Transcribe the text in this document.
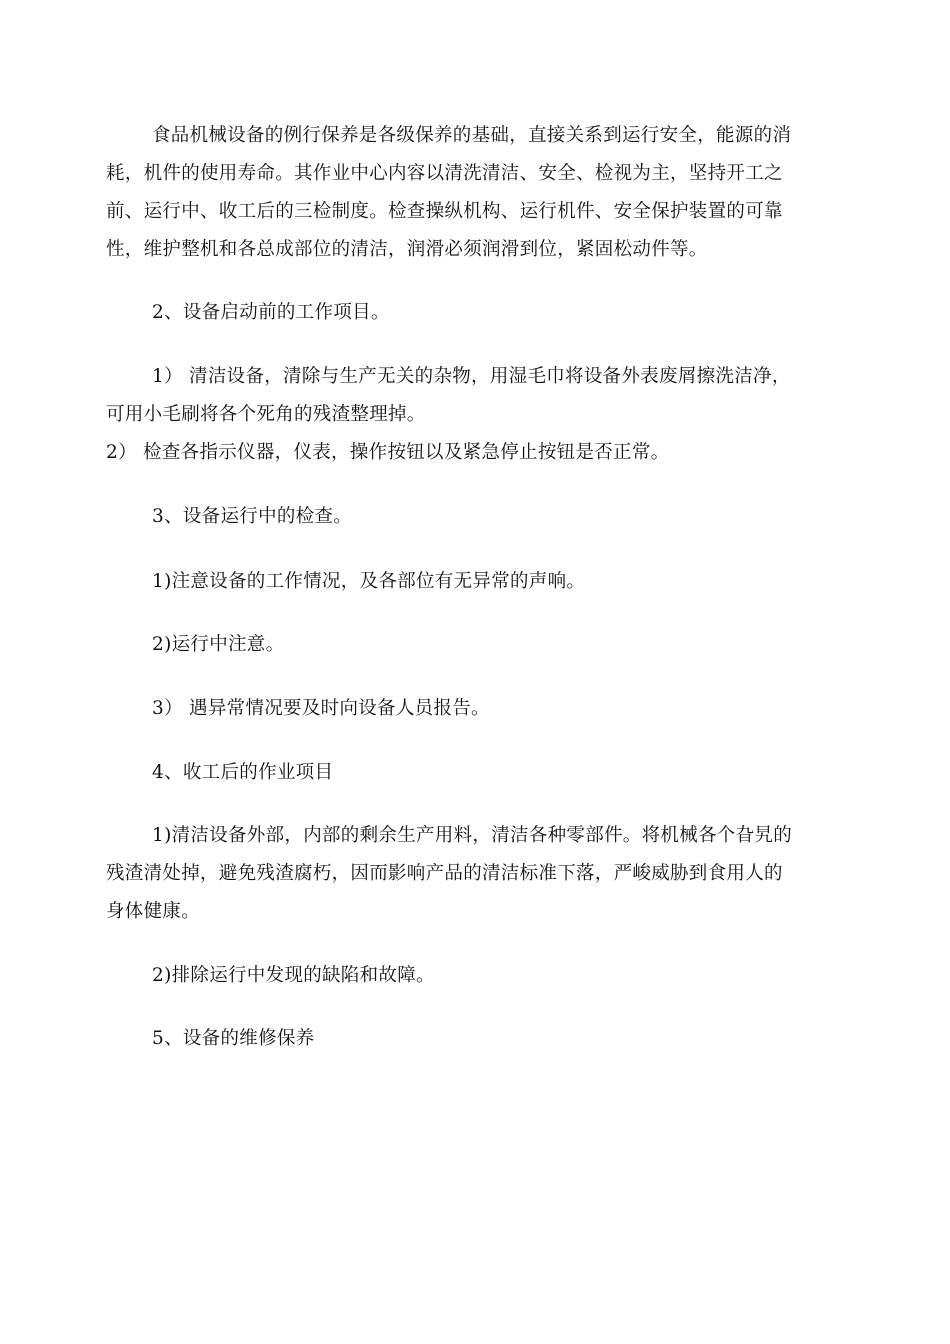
食品机械设备的例行保养是各级保养的基础，直接关系到运行安全，能源的消
耗，机件的使用寿命。其作业中心内容以清洗清洁、安全、检视为主，坚持开工之
前、运行中、收工后的三检制度。检查操纵机构、运行机件、安全保护装置的可靠
性，维护整机和各总成部位的清洁，润滑必须润滑到位，紧固松动件等。
2、设备启动前的工作项目。
1） 清洁设备，清除与生产无关的杂物，用湿毛巾将设备外表废屑擦洗洁净，
可用小毛刷将各个死角的残渣整理掉。
2） 检查各指示仪器，仪表，操作按钮以及紧急停止按钮是否正常。
3、设备运行中的检查。
1)注意设备的工作情况，及各部位有无异常的声响。
2)运行中注意。
3） 遇异常情况要及时向设备人员报告。
4、收工后的作业项目
1)清洁设备外部，内部的剩余生产用料，清洁各种零部件。将机械各个旮旯的
残渣清处掉，避免残渣腐朽，因而影响产品的清洁标准下落，严峻威胁到食用人的
身体健康。
2)排除运行中发现的缺陷和故障。
5、设备的维修保养
